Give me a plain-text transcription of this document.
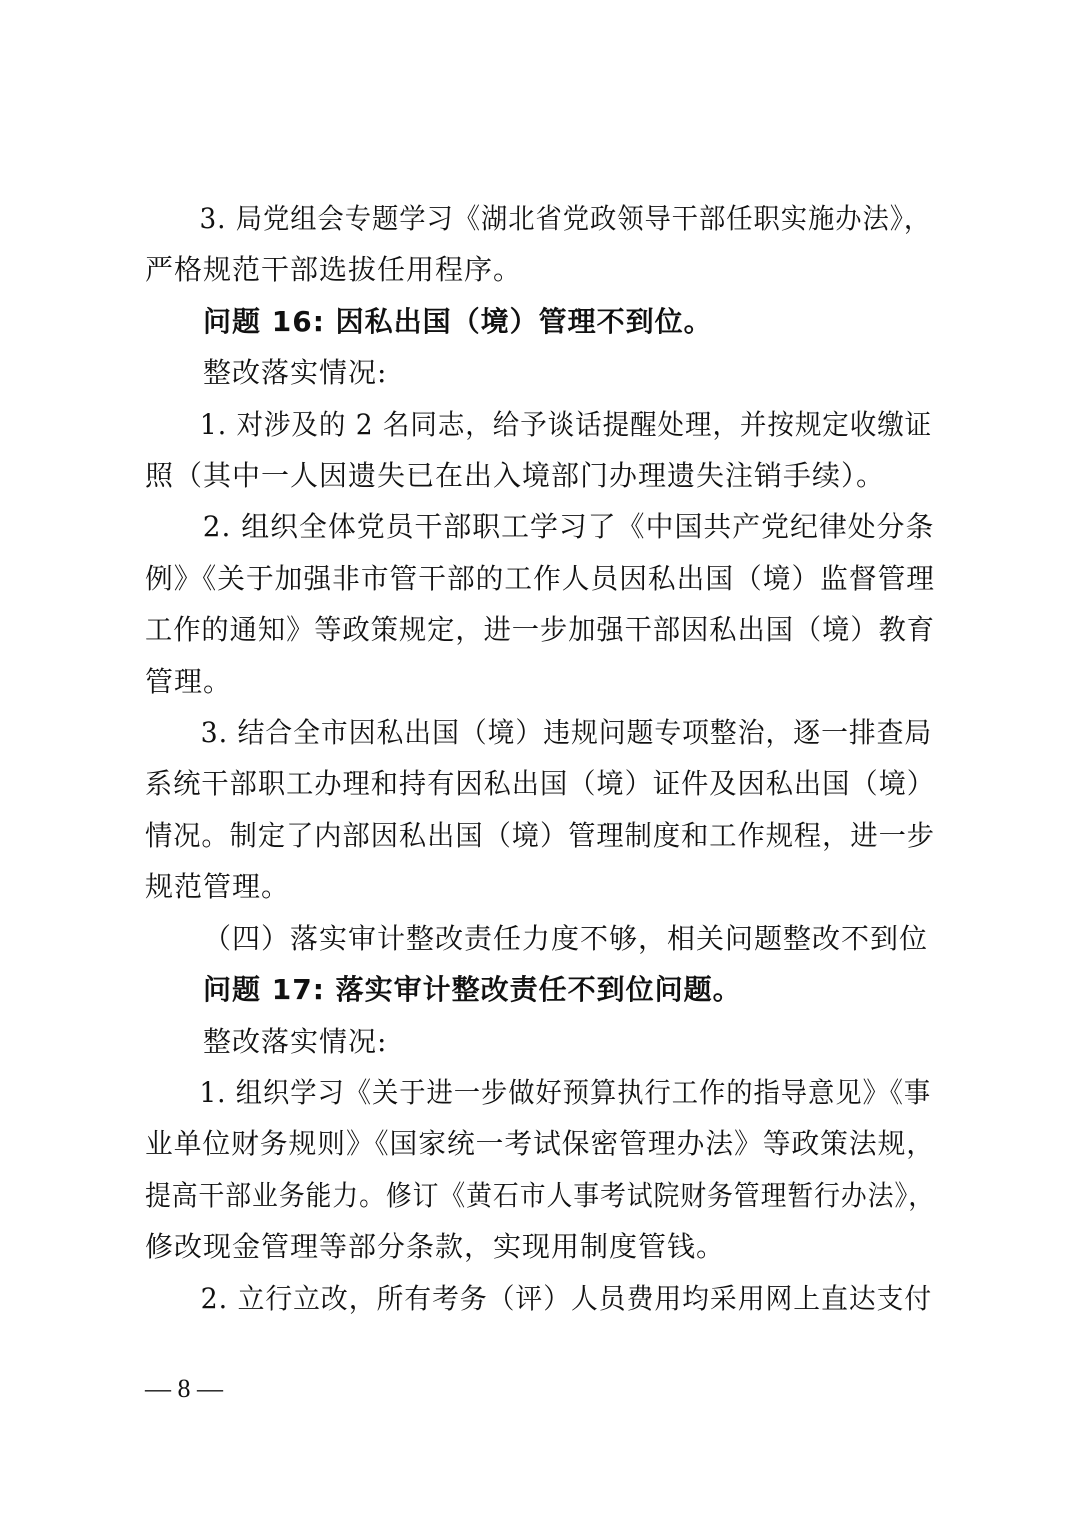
3. 局党组会专题学习《湖北省党政领导干部任职实施办法》，
严格规范干部选拔任用程序。
问题 16: 因私出国（境）管理不到位。
整改落实情况:
1. 对涉及的 2 名同志，给予谈话提醒处理，并按规定收缴证
照（其中一人因遗失已在出入境部门办理遗失注销手续）。
2. 组织全体党员干部职工学习了《中国共产党纪律处分条
例》《关于加强非市管干部的工作人员因私出国（境）监督管理
工作的通知》等政策规定，进一步加强干部因私出国（境）教育
管理。
3. 结合全市因私出国（境）违规问题专项整治，逐一排查局
系统干部职工办理和持有因私出国（境）证件及因私出国（境）
情况。制定了内部因私出国（境）管理制度和工作规程，进一步
规范管理。
（四）落实审计整改责任力度不够，相关问题整改不到位
问题 17: 落实审计整改责任不到位问题。
整改落实情况:
1. 组织学习《关于进一步做好预算执行工作的指导意见》《事
业单位财务规则》《国家统一考试保密管理办法》等政策法规，
提高干部业务能力。修订《黄石市人事考试院财务管理暂行办法》，
修改现金管理等部分条款，实现用制度管钱。
2. 立行立改，所有考务（评）人员费用均采用网上直达支付
— 8 —
